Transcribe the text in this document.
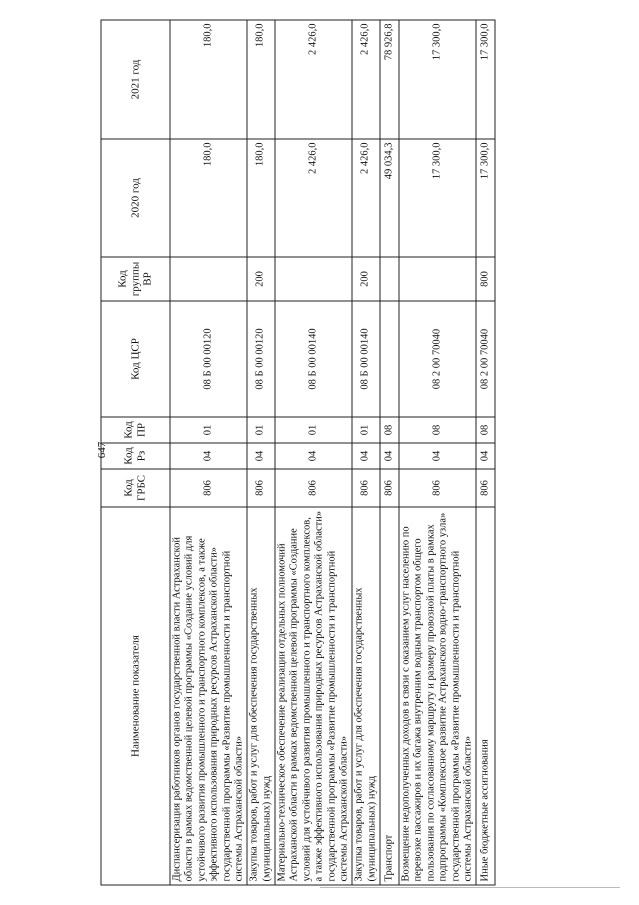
647
Наименование показателя	Код ГРБС	Код Рз	Код ПР	Код ЦСР	Код группы ВР	2020 год	2021 год
Диспансеризация работников органов государственной власти Астраханской области в рамках ведомственной целевой программы «Создание условий для устойчивого развития промышленного и транспортного комплексов, а также эффективного использования природных ресурсов Астраханской области» государственной программы «Развитие промышленности и транспортной системы Астраханской области»	806	04	01	08 Б 00 00120		180,0	180,0
Закупка товаров, работ и услуг для обеспечения государственных (муниципальных) нужд	806	04	01	08 Б 00 00120	200	180,0	180,0
Материально-техническое обеспечение реализации отдельных полномочий Астраханской области в рамках ведомственной целевой программы «Создание условий для устойчивого развития промышленного и транспортного комплексов, а также эффективного использования природных ресурсов Астраханской области» государственной программы «Развитие промышленности и транспортной системы Астраханской области»	806	04	01	08 Б 00 00140		2 426,0	2 426,0
Закупка товаров, работ и услуг для обеспечения государственных (муниципальных) нужд	806	04	01	08 Б 00 00140	200	2 426,0	2 426,0
Транспорт	806	04	08			49 034,3	78 926,8
Возмещение недополученных доходов в связи с оказанием услуг населению по перевозке пассажиров и их багажа внутренним водным транспортом общего пользования по согласованному маршруту и размеру провозной платы в рамках подпрограммы «Комплексное развитие Астраханского водно-транспортного узла» государственной программы «Развитие промышленности и транспортной системы Астраханской области»	806	04	08	08 2 00 70040		17 300,0	17 300,0
Иные бюджетные ассигнования	806	04	08	08 2 00 70040	800	17 300,0	17 300,0
